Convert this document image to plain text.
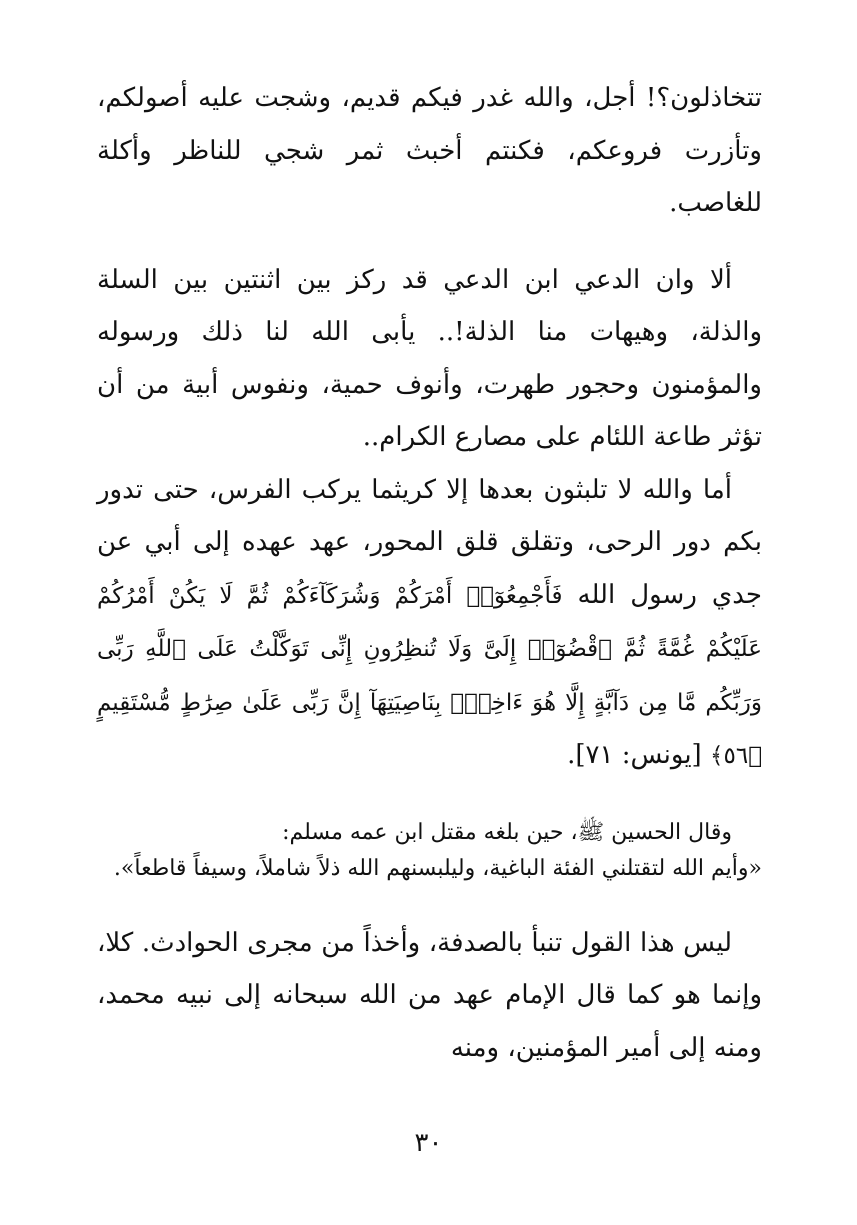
تتخاذلون؟! أجل، والله غدر فيكم قديم، وشجت عليه أصولكم، وتأزرت فروعكم، فكنتم أخبث ثمر شجي للناظر وأكلة للغاصب.

ألا وان الدعي ابن الدعي قد ركز بين اثنتين بين السلة والذلة، وهيهات منا الذلة!.. يأبى الله لنا ذلك ورسوله والمؤمنون وحجور طهرت، وأنوف حمية، ونفوس أبية من أن تؤثر طاعة اللئام على مصارع الكرام..

أما والله لا تلبثون بعدها إلا كريثما يركب الفرس، حتى تدور بكم دور الرحى، وتقلق قلق المحور، عهد عهده إلى أبي عن جدي رسول الله فَأَجْمِعُوٓا۟ أَمْرَكُمْ وَشُرَكَآءَكُمْ ثُمَّ لَا يَكُنْ أَمْرُكُمْ عَلَيْكُمْ غُمَّةً ثُمَّ ٱقْضُوٓا۟ إِلَىَّ وَلَا تُنظِرُونِ إِنِّى تَوَكَّلْتُ عَلَى ٱللَّهِ رَبِّى وَرَبِّكُم مَّا مِن دَآبَّةٍ إِلَّا هُوَ ءَاخِذٌۢ بِنَاصِيَتِهَآ إِنَّ رَبِّى عَلَىٰ صِرَٰطٍ مُّسْتَقِيمٍ ﴿٥٦﴾ [يونس: ٧١].

وقال الحسين ﷺ، حين بلغه مقتل ابن عمه مسلم:
«وأيم الله لتقتلني الفئة الباغية، وليلبسنهم الله ذلاً شاملاً، وسيفاً قاطعاً».

ليس هذا القول تنبأ بالصدفة، وأخذاً من مجرى الحوادث. كلا، وإنما هو كما قال الإمام عهد من الله سبحانه إلى نبيه محمد، ومنه إلى أمير المؤمنين، ومنه

٣٠
